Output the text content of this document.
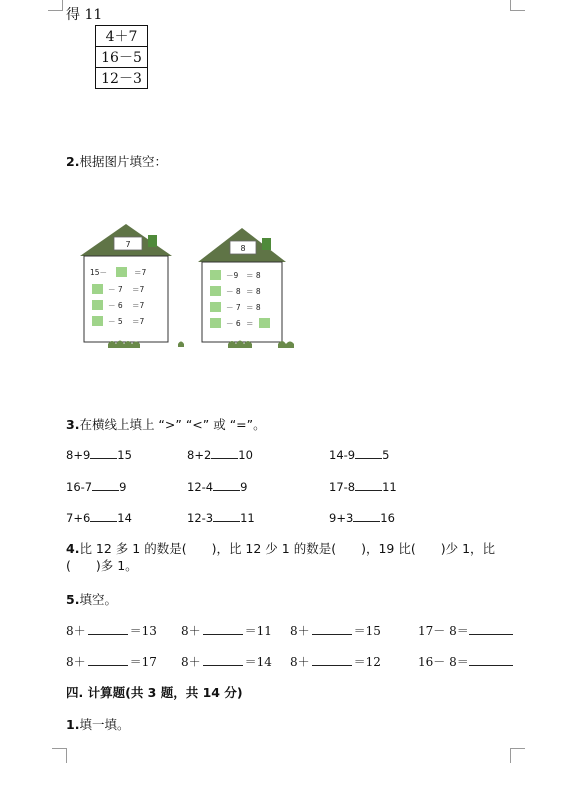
得 11
4＋7
16－5
12－3
2.根据图片填空：
7
15－	＝7
－ 7 ＝7
－ 6 ＝7
－ 5 ＝7
8
－9 ＝ 8
－ 8 ＝ 8
－ 7 ＝ 8
－ 6 ＝
3.在横线上填上 “>” “<” 或 “=”。
8+9 15	8+2 10	14-9 5
16-7 9	12-4 9	17-8 11
7+6 14	12-3 11	9+3 16
4.比 12 多 1 的数是(　　)，比 12 少 1 的数是(　　)，19 比(　　)少 1，比(　　)多 1。
5.填空。
8＋	＝13 8＋	＝11 8＋	＝15	17－ 8＝
8＋	＝17 8＋	＝14 8＋	＝12	16－ 8＝
四. 计算题(共 3 题，共 14 分)
1.填一填。
